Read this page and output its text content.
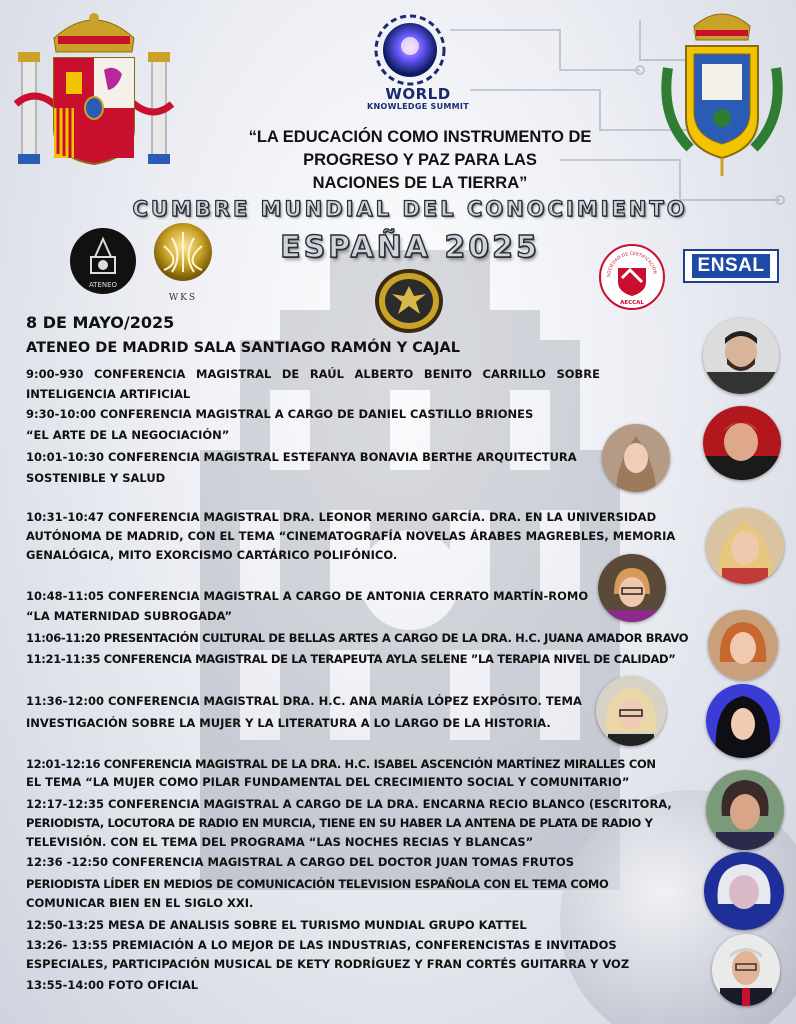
WORLD
KNOWLEDGE SUMMIT
“LA EDUCACIÓN COMO INSTRUMENTO DE
PROGRESO Y PAZ PARA LAS
NACIONES DE LA TIERRA”
CUMBRE MUNDIAL DEL CONOCIMIENTO
ESPAÑA 2025
ATENEO
WKS
SOCIEDAD DE CERTIFICACIÓN
AECCAL
ENSAL
8 DE MAYO/2025
ATENEO DE MADRID SALA SANTIAGO RAMÓN Y CAJAL
9:00-930 CONFERENCIA MAGISTRAL DE RAÚL ALBERTO BENITO CARRILLO SOBRE
INTELIGENCIA ARTIFICIAL
9:30-10:00 CONFERENCIA MAGISTRAL A CARGO DE DANIEL CASTILLO BRIONES
“EL ARTE DE LA NEGOCIACIÓN”
10:01-10:30 CONFERENCIA MAGISTRAL ESTEFANYA BONAVIA BERTHE ARQUITECTURA
SOSTENIBLE Y SALUD
10:31-10:47 CONFERENCIA MAGISTRAL DRA. LEONOR MERINO GARCÍA. DRA. EN LA UNIVERSIDAD
AUTÓNOMA DE MADRID, CON EL TEMA “CINEMATOGRAFÍA NOVELAS ÁRABES MAGREBLES, MEMORIA
GENALÓGICA, MITO EXORCISMO CARTÁRICO POLIFÓNICO.
10:48-11:05 CONFERENCIA MAGISTRAL A CARGO DE ANTONIA CERRATO MARTÍN-ROMO
“LA MATERNIDAD SUBROGADA”
11:06-11:20 PRESENTACIÓN CULTURAL DE BELLAS ARTES A CARGO DE LA DRA. H.C. JUANA AMADOR BRAVO
11:21-11:35 CONFERENCIA MAGISTRAL DE LA TERAPEUTA AYLA SELENE ”LA TERAPIA NIVEL DE CALIDAD”
11:36-12:00 CONFERENCIA MAGISTRAL DRA. H.C. ANA MARÍA LÓPEZ EXPÓSITO. TEMA
INVESTIGACIÓN SOBRE LA MUJER Y LA LITERATURA A LO LARGO DE LA HISTORIA.
12:01-12:16 CONFERENCIA MAGISTRAL DE LA DRA. H.C. ISABEL ASCENCIÓN MARTÍNEZ MIRALLES CON
EL TEMA “LA MUJER COMO PILAR FUNDAMENTAL DEL CRECIMIENTO SOCIAL Y COMUNITARIO”
12:17-12:35 CONFERENCIA MAGISTRAL A CARGO DE LA DRA. ENCARNA RECIO BLANCO (ESCRITORA,
PERIODISTA, LOCUTORA DE RADIO EN MURCIA, TIENE EN SU HABER LA ANTENA DE PLATA DE RADIO Y
TELEVISIÓN. CON EL TEMA DEL PROGRAMA “LAS NOCHES RECIAS Y BLANCAS”
12:36 -12:50 CONFERENCIA MAGISTRAL A CARGO DEL DOCTOR JUAN TOMAS FRUTOS
PERIODISTA LÍDER EN MEDIOS DE COMUNICACIÓN TELEVISION ESPAÑOLA CON EL TEMA COMO
COMUNICAR BIEN EN EL SIGLO XXI.
12:50-13:25 MESA DE ANALISIS SOBRE EL TURISMO MUNDIAL GRUPO KATTEL
13:26- 13:55 PREMIACIÓN A LO MEJOR DE LAS INDUSTRIAS, CONFERENCISTAS E INVITADOS
ESPECIALES, PARTICIPACIÓN MUSICAL DE KETY RODRÍGUEZ Y FRAN CORTÉS GUITARRA Y VOZ
13:55-14:00 FOTO OFICIAL
